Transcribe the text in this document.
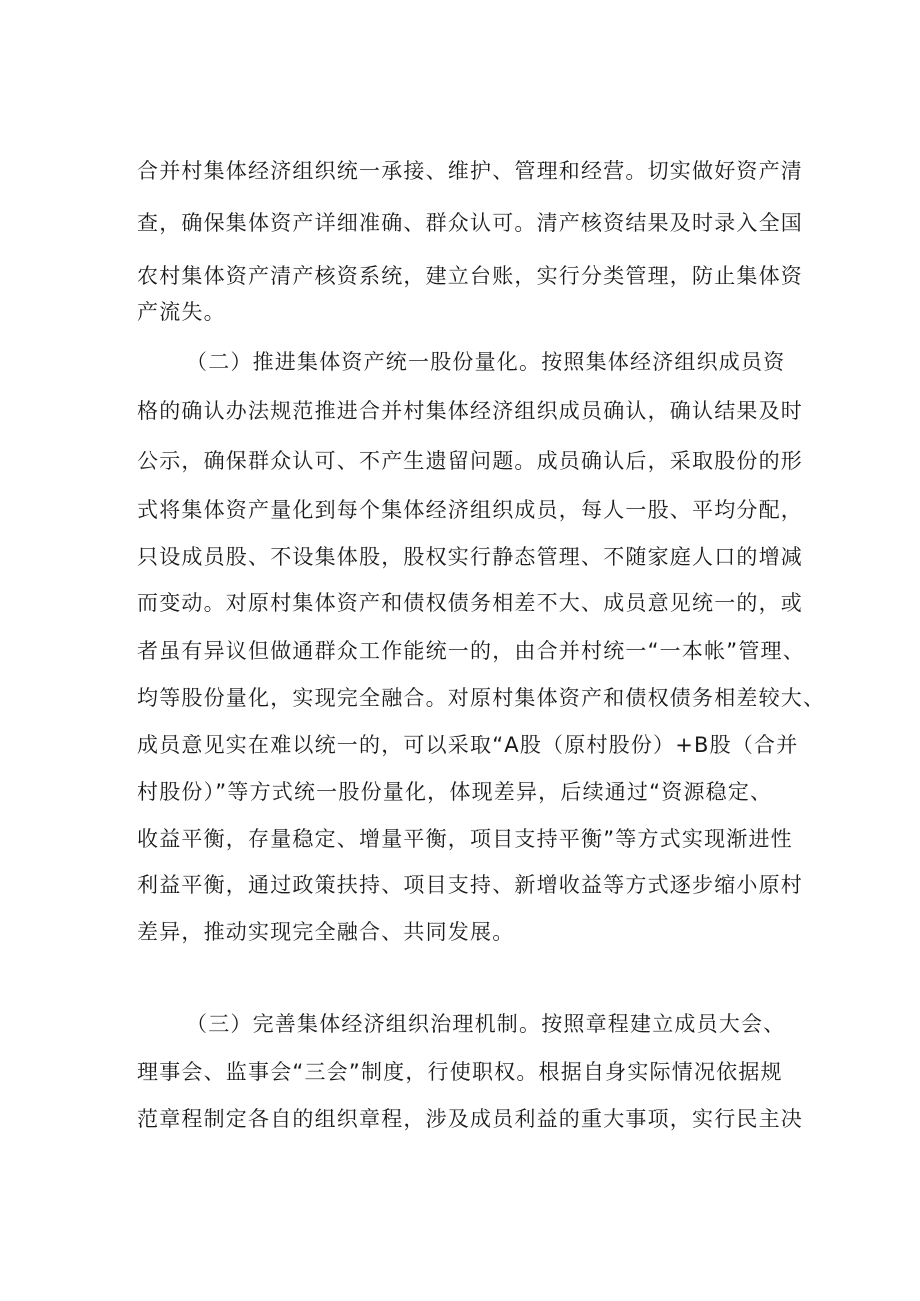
合并村集体经济组织统一承接、维护、管理和经营。切实做好资产清
查，确保集体资产详细准确、群众认可。清产核资结果及时录入全国
农村集体资产清产核资系统，建立台账，实行分类管理，防止集体资
产流失。
（二）推进集体资产统一股份量化。按照集体经济组织成员资
格的确认办法规范推进合并村集体经济组织成员确认，确认结果及时
公示，确保群众认可、不产生遗留问题。成员确认后，采取股份的形
式将集体资产量化到每个集体经济组织成员，每人一股、平均分配，
只设成员股、不设集体股，股权实行静态管理、不随家庭人口的增减
而变动。对原村集体资产和债权债务相差不大、成员意见统一的，或
者虽有异议但做通群众工作能统一的，由合并村统一“一本帐”管理、
均等股份量化，实现完全融合。对原村集体资产和债权债务相差较大、
成员意见实在难以统一的，可以采取“A股（原村股份）+B股（合并
村股份）”等方式统一股份量化，体现差异，后续通过“资源稳定、
收益平衡，存量稳定、增量平衡，项目支持平衡”等方式实现渐进性
利益平衡，通过政策扶持、项目支持、新增收益等方式逐步缩小原村
差异，推动实现完全融合、共同发展。
（三）完善集体经济组织治理机制。按照章程建立成员大会、
理事会、监事会“三会”制度，行使职权。根据自身实际情况依据规
范章程制定各自的组织章程，涉及成员利益的重大事项，实行民主决
